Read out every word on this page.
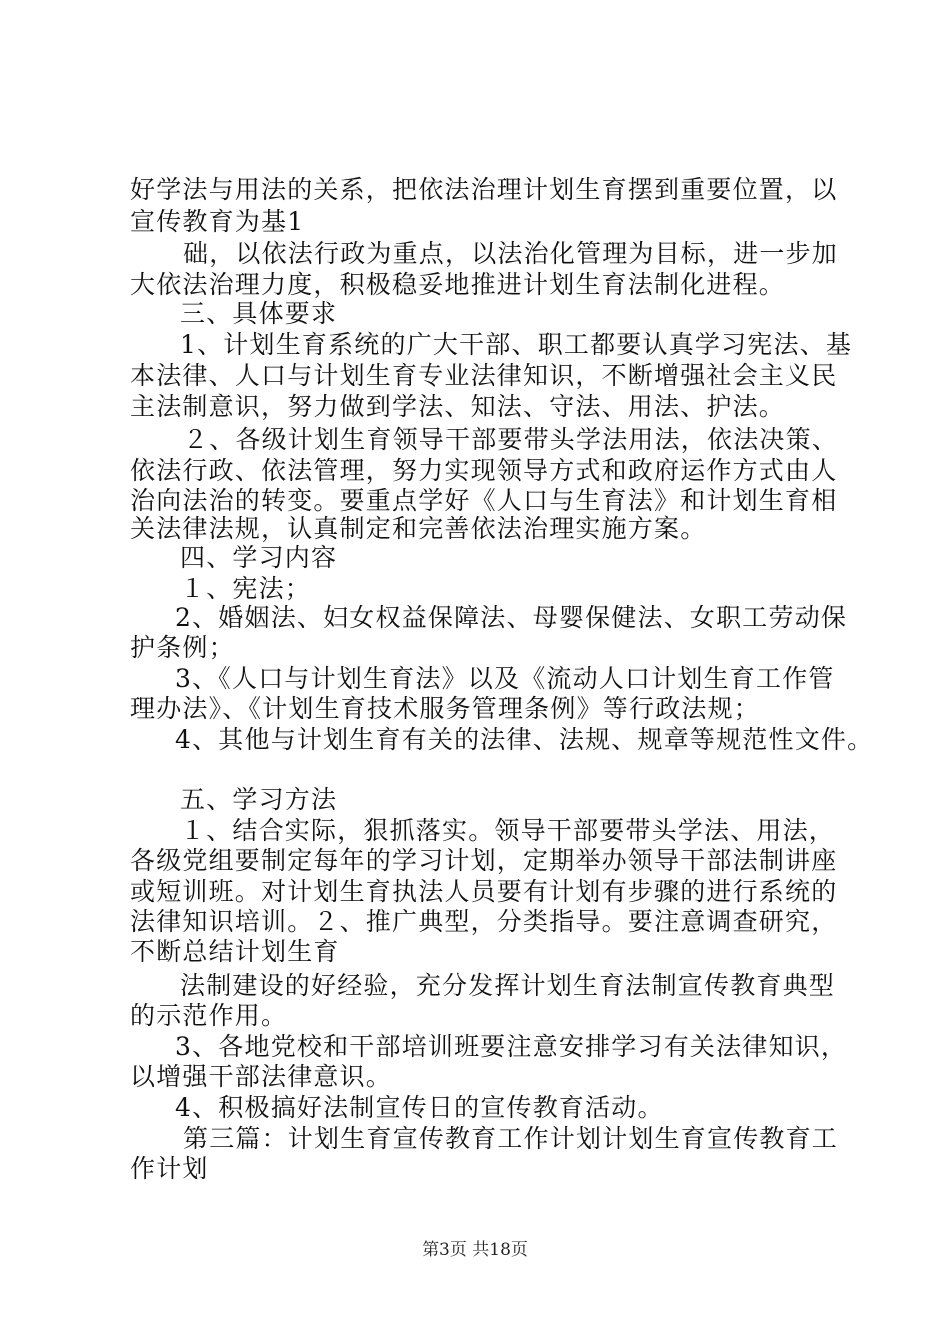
好学法与用法的关系，把依法治理计划生育摆到重要位置，以
宣传教育为基1
础，以依法行政为重点，以法治化管理为目标，进一步加
大依法治理力度，积极稳妥地推进计划生育法制化进程。
三、具体要求
1、计划生育系统的广大干部、职工都要认真学习宪法、基
本法律、人口与计划生育专业法律知识，不断增强社会主义民
主法制意识，努力做到学法、知法、守法、用法、护法。
２、各级计划生育领导干部要带头学法用法，依法决策、
依法行政、依法管理，努力实现领导方式和政府运作方式由人
治向法治的转变。要重点学好《人口与生育法》和计划生育相
关法律法规，认真制定和完善依法治理实施方案。
四、学习内容
１、宪法；
2、婚姻法、妇女权益保障法、母婴保健法、女职工劳动保
护条例；
3、《人口与计划生育法》以及《流动人口计划生育工作管
理办法》、《计划生育技术服务管理条例》等行政法规；
4、其他与计划生育有关的法律、法规、规章等规范性文件。
五、学习方法
１、结合实际，狠抓落实。领导干部要带头学法、用法，
各级党组要制定每年的学习计划，定期举办领导干部法制讲座
或短训班。对计划生育执法人员要有计划有步骤的进行系统的
法律知识培训。２、推广典型，分类指导。要注意调查研究，
不断总结计划生育
法制建设的好经验，充分发挥计划生育法制宣传教育典型
的示范作用。
3、各地党校和干部培训班要注意安排学习有关法律知识，
以增强干部法律意识。
4、积极搞好法制宣传日的宣传教育活动。
第三篇：计划生育宣传教育工作计划计划生育宣传教育工
作计划
第3页 共18页
